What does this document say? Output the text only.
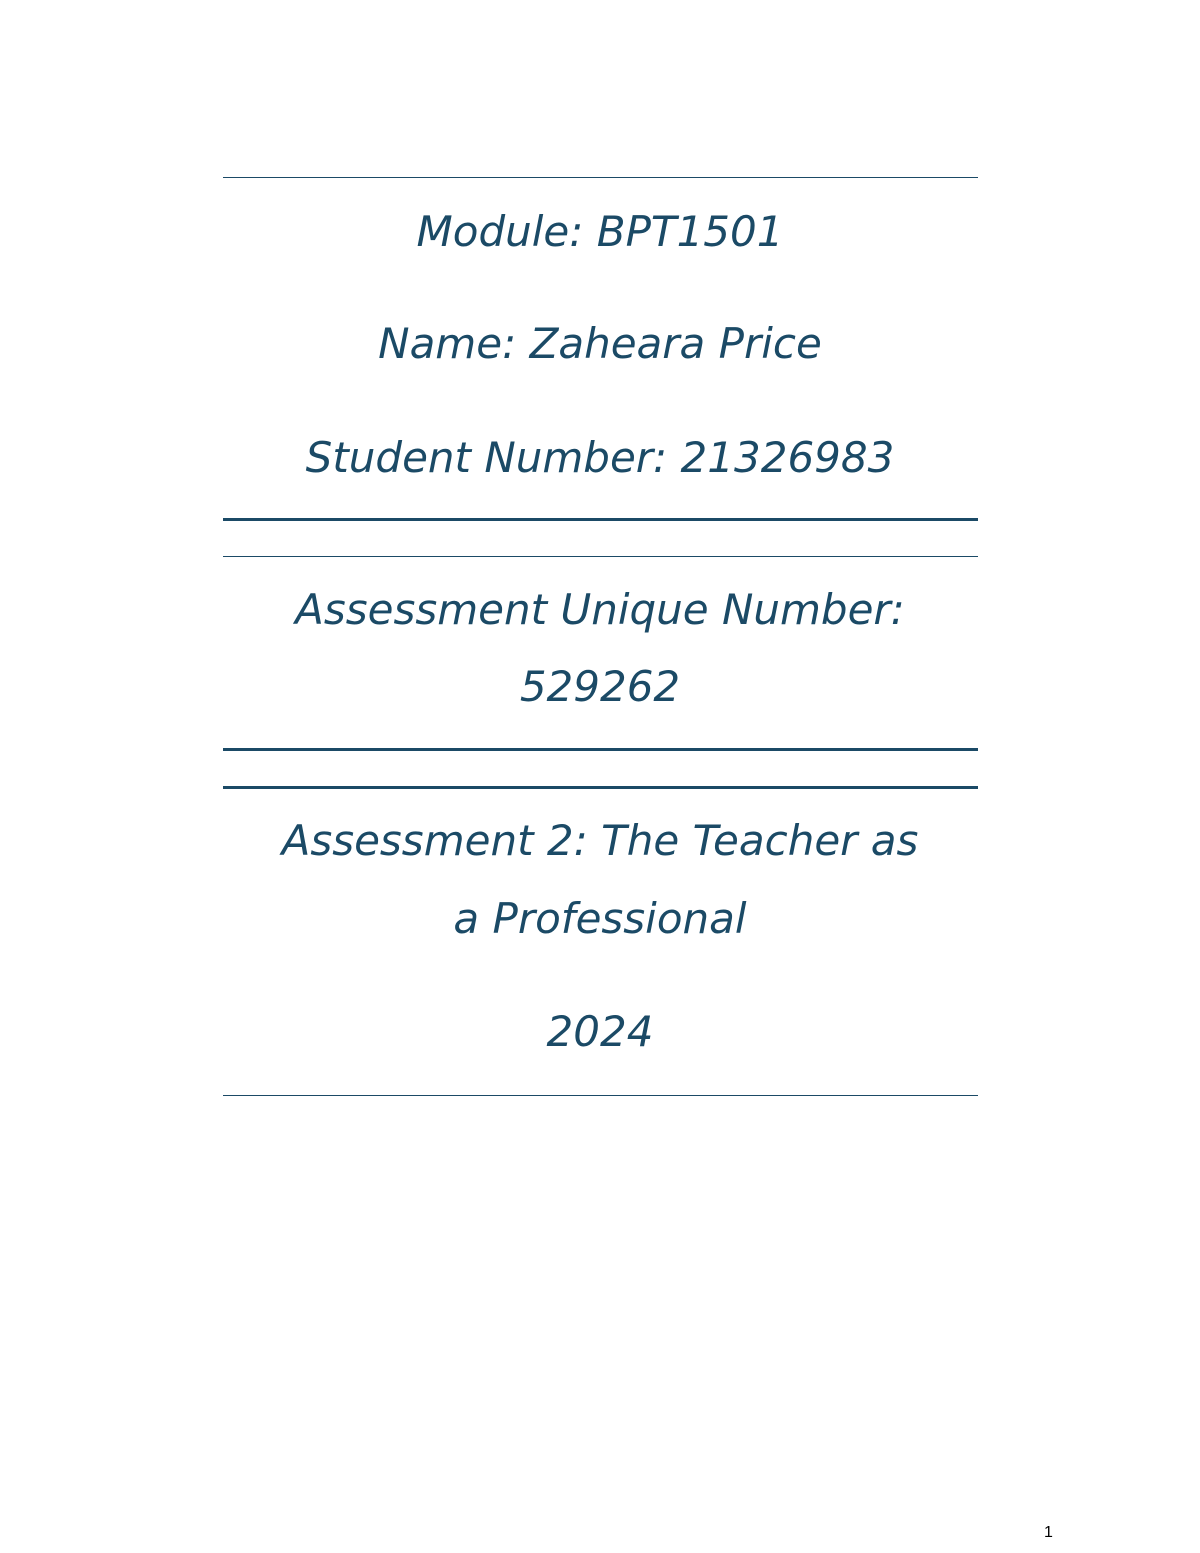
Module: BPT1501
Name: Zaheara Price
Student Number: 21326983
Assessment Unique Number:
529262
Assessment 2: The Teacher as
a Professional
2024
1
